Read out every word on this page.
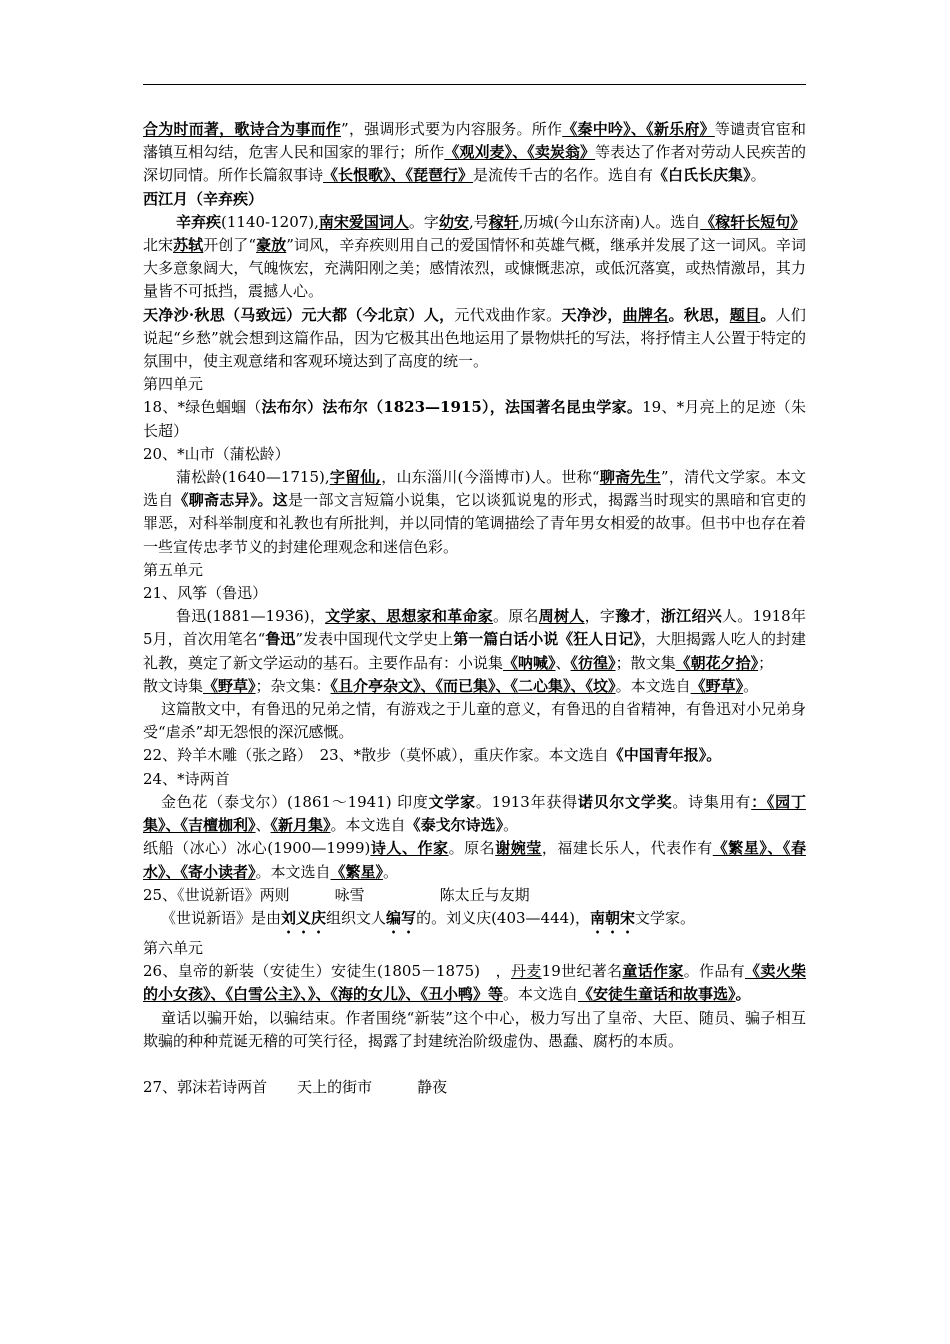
合为时而著，歌诗合为事而作”，强调形式要为内容服务。所作《秦中吟》、《新乐府》等谴责官宦和藩镇互相勾结，危害人民和国家的罪行；所作《观刈麦》、《卖炭翁》等表达了作者对劳动人民疾苦的深切同情。所作长篇叙事诗《长恨歌》、《琵琶行》是流传千古的名作。选自有《白氏长庆集》。

西江月（辛弃疾）

辛弃疾(1140-1207),南宋爱国词人。字幼安,号稼轩,历城(今山东济南)人。选自《稼轩长短句》　北宋苏轼开创了“豪放”词风，辛弃疾则用自己的爱国情怀和英雄气概，继承并发展了这一词风。辛词大多意象阔大，气魄恢宏，充满阳刚之美；感情浓烈，或慷慨悲凉，或低沉落寞，或热情激昂，其力量皆不可抵挡，震撼人心。

天净沙·秋思（马致远）元大都（今北京）人，元代戏曲作家。天净沙，曲牌名。秋思，题目。人们说起“乡愁”就会想到这篇作品，因为它极其出色地运用了景物烘托的写法，将抒情主人公置于特定的氛围中，使主观意绪和客观环境达到了高度的统一。

第四单元

18、*绿色蝈蝈（法布尔）法布尔（1823—1915），法国著名昆虫学家。19、*月亮上的足迹（朱长超）

20、*山市（蒲松龄）

蒲松龄(1640—1715),字留仙,，山东淄川(今淄博市)人。世称“聊斋先生”，清代文学家。本文选自《聊斋志异》。这是一部文言短篇小说集，它以谈狐说鬼的形式，揭露当时现实的黑暗和官吏的罪恶，对科举制度和礼教也有所批判，并以同情的笔调描绘了青年男女相爱的故事。但书中也存在着一些宣传忠孝节义的封建伦理观念和迷信色彩。

第五单元

21、风筝（鲁迅）

鲁迅(1881—1936)，文学家、思想家和革命家。原名周树人，字豫才，浙江绍兴人。1918年5月，首次用笔名“鲁迅”发表中国现代文学史上第一篇白话小说《狂人日记》，大胆揭露人吃人的封建礼教，奠定了新文学运动的基石。主要作品有：小说集《呐喊》、《彷徨》；散文集《朝花夕拾》；

散文诗集《野草》；杂文集：《且介亭杂文》、《而已集》、《二心集》、《坟》。本文选自《野草》。

这篇散文中，有鲁迅的兄弟之情，有游戏之于儿童的意义，有鲁迅的自省精神，有鲁迅对小兄弟身受“虐杀”却无怨恨的深沉感慨。

22、羚羊木雕（张之路）　23、*散步（莫怀戚），重庆作家。本文选自《中国青年报》。

24、*诗两首

金色花（泰戈尔）(1861～1941) 印度文学家。1913年获得诺贝尔文学奖。诗集用有：《园丁集》、《吉檀枷利》、《新月集》。本文选自《泰戈尔诗选》。

纸船（冰心）冰心(1900—1999)诗人、作家。原名谢婉莹，福建长乐人，代表作有《繁星》、《春水》、《寄小读者》。本文选自《繁星》。

25、《世说新语》两则　　　咏雪　　　　　陈太丘与友期

《世说新语》是由刘义庆组织文人编写的。刘义庆(403—444)，南朝宋文学家。

第六单元

26、皇帝的新装（安徒生）安徒生(1805－1875)　，丹麦19世纪著名童话作家。作品有《卖火柴的小女孩》、《白雪公主》、》、《海的女儿》、《丑小鸭》等。本文选自《安徒生童话和故事选》。

童话以骗开始，以骗结束。作者围绕“新装”这个中心，极力写出了皇帝、大臣、随员、骗子相互欺骗的种种荒诞无稽的可笑行径，揭露了封建统治阶级虚伪、愚蠢、腐朽的本质。

27、郭沫若诗两首　　天上的街市　　　静夜
